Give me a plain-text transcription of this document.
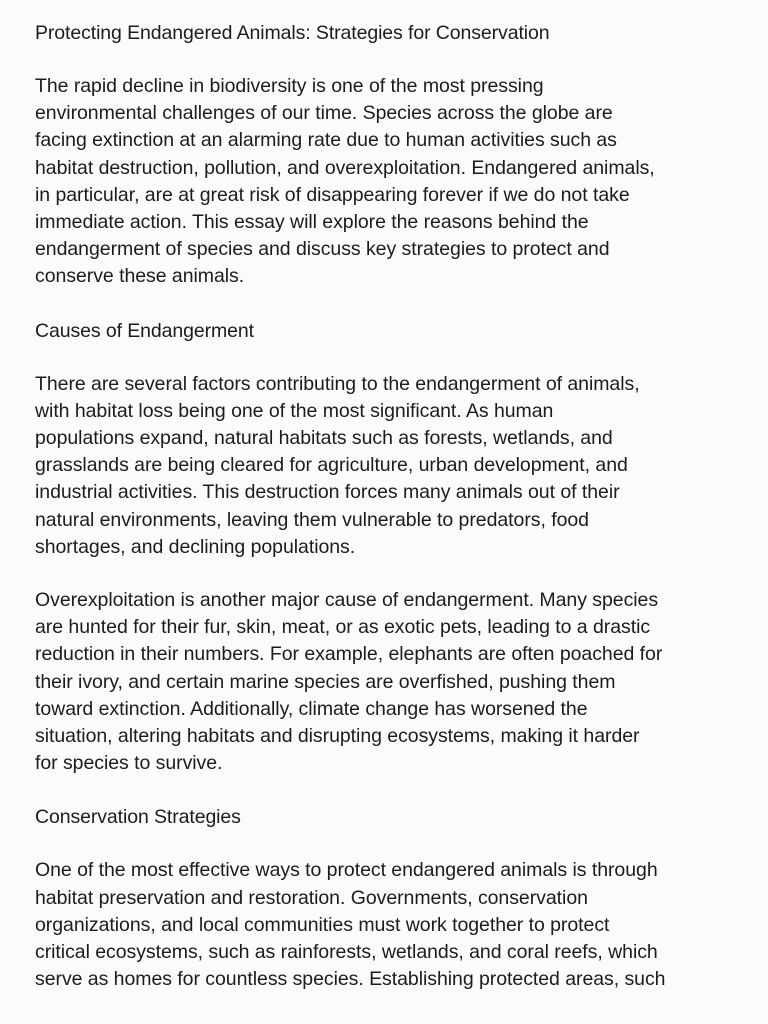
Protecting Endangered Animals: Strategies for Conservation

The rapid decline in biodiversity is one of the most pressing
environmental challenges of our time. Species across the globe are
facing extinction at an alarming rate due to human activities such as
habitat destruction, pollution, and overexploitation. Endangered animals,
in particular, are at great risk of disappearing forever if we do not take
immediate action. This essay will explore the reasons behind the
endangerment of species and discuss key strategies to protect and
conserve these animals.

Causes of Endangerment

There are several factors contributing to the endangerment of animals,
with habitat loss being one of the most significant. As human
populations expand, natural habitats such as forests, wetlands, and
grasslands are being cleared for agriculture, urban development, and
industrial activities. This destruction forces many animals out of their
natural environments, leaving them vulnerable to predators, food
shortages, and declining populations.

Overexploitation is another major cause of endangerment. Many species
are hunted for their fur, skin, meat, or as exotic pets, leading to a drastic
reduction in their numbers. For example, elephants are often poached for
their ivory, and certain marine species are overfished, pushing them
toward extinction. Additionally, climate change has worsened the
situation, altering habitats and disrupting ecosystems, making it harder
for species to survive.

Conservation Strategies

One of the most effective ways to protect endangered animals is through
habitat preservation and restoration. Governments, conservation
organizations, and local communities must work together to protect
critical ecosystems, such as rainforests, wetlands, and coral reefs, which
serve as homes for countless species. Establishing protected areas, such
